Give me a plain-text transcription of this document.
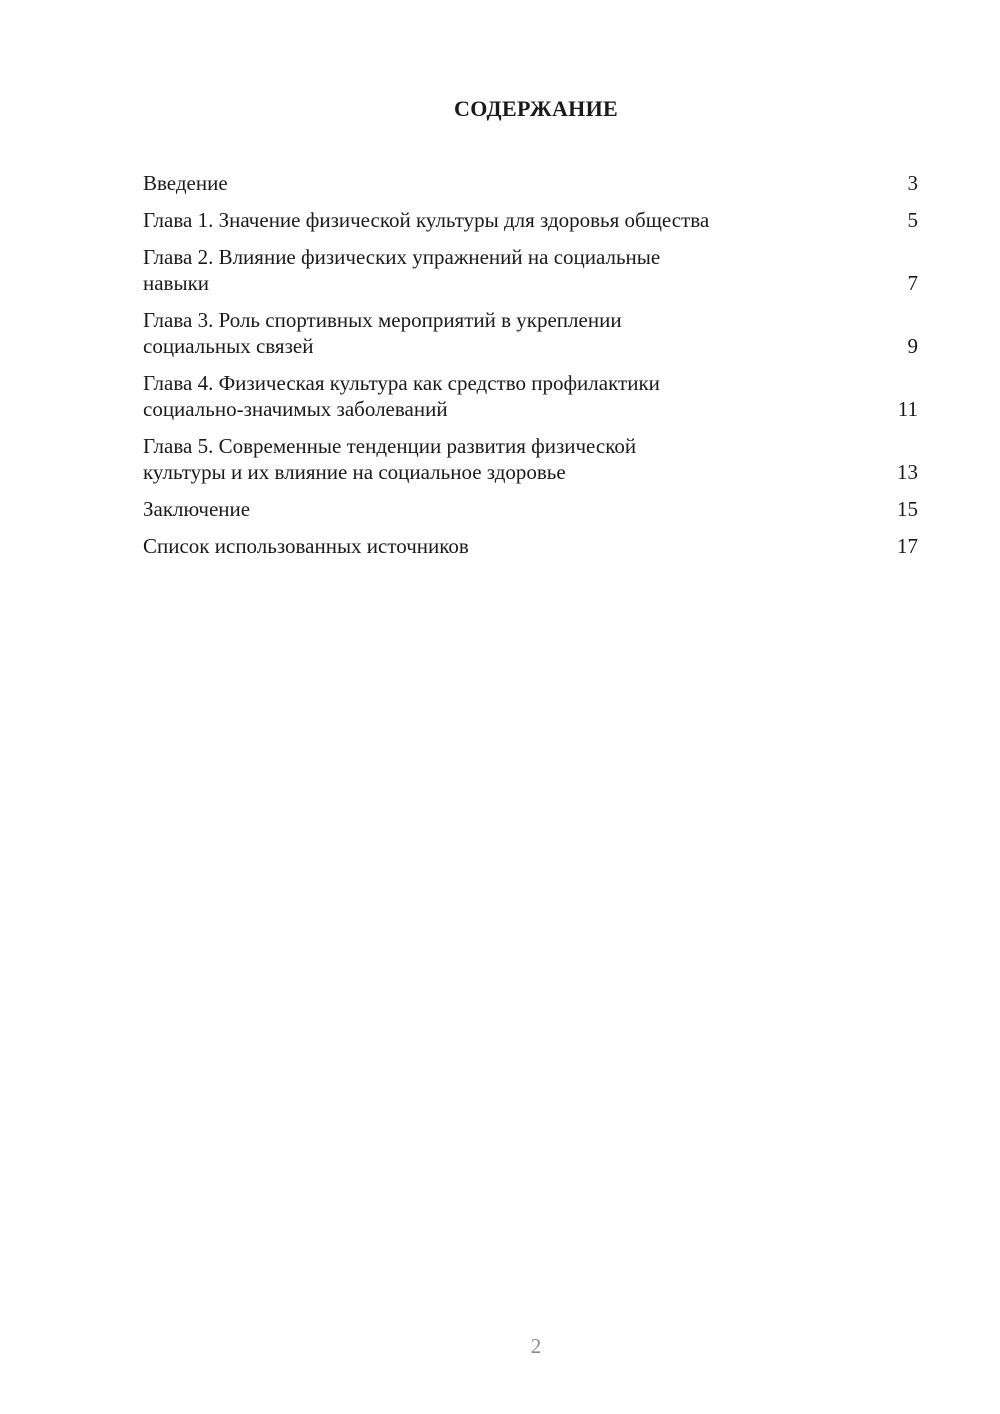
СОДЕРЖАНИЕ
Введение	3
Глава 1. Значение физической культуры для здоровья общества	5
Глава 2. Влияние физических упражнений на социальные
навыки	7
Глава 3. Роль спортивных мероприятий в укреплении
социальных связей	9
Глава 4. Физическая культура как средство профилактики
социально-значимых заболеваний	11
Глава 5. Современные тенденции развития физической
культуры и их влияние на социальное здоровье	13
Заключение	15
Список использованных источников	17
2
